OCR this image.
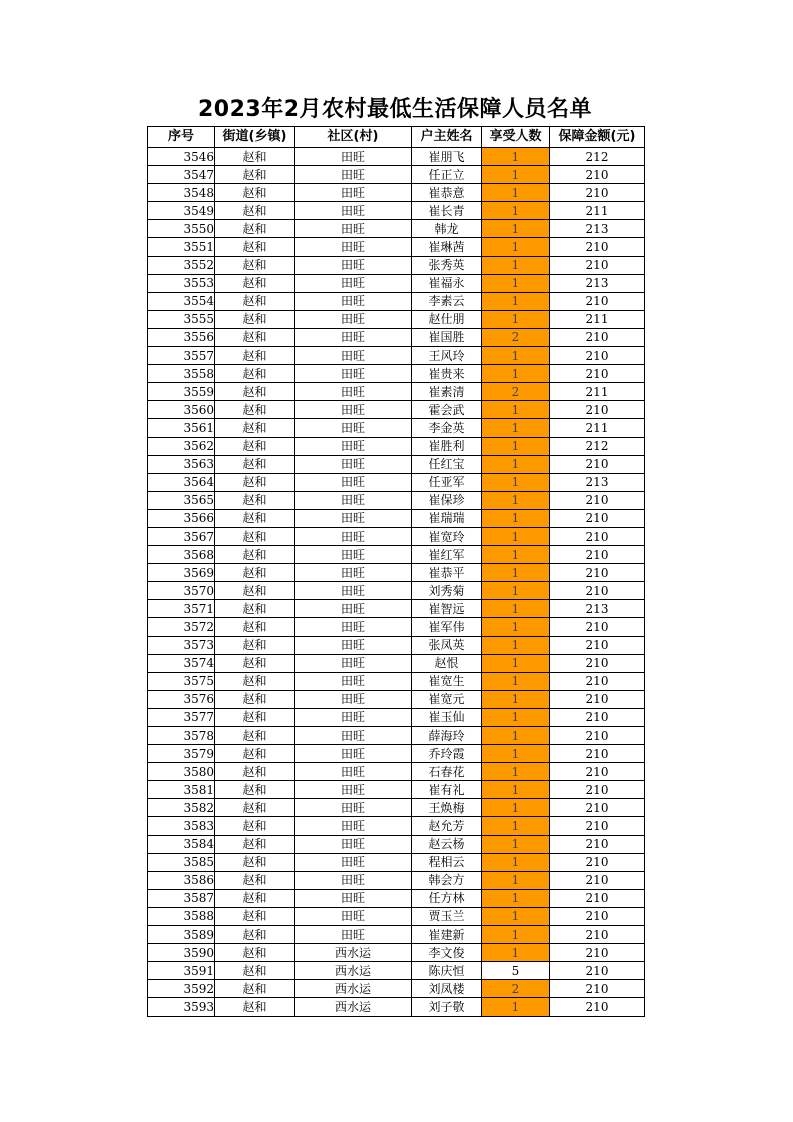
2023年2月农村最低生活保障人员名单
序号	街道(乡镇)	社区(村)	户主姓名	享受人数	保障金额(元)
3546	赵和	田旺	崔朋飞	1	212
3547	赵和	田旺	任正立	1	210
3548	赵和	田旺	崔恭意	1	210
3549	赵和	田旺	崔长青	1	211
3550	赵和	田旺	韩龙	1	213
3551	赵和	田旺	崔琳茜	1	210
3552	赵和	田旺	张秀英	1	210
3553	赵和	田旺	崔福永	1	213
3554	赵和	田旺	李素云	1	210
3555	赵和	田旺	赵仕朋	1	211
3556	赵和	田旺	崔国胜	2	210
3557	赵和	田旺	王风玲	1	210
3558	赵和	田旺	崔贵来	1	210
3559	赵和	田旺	崔素清	2	211
3560	赵和	田旺	霍会武	1	210
3561	赵和	田旺	李金英	1	211
3562	赵和	田旺	崔胜利	1	212
3563	赵和	田旺	任红宝	1	210
3564	赵和	田旺	任亚军	1	213
3565	赵和	田旺	崔保珍	1	210
3566	赵和	田旺	崔瑞瑞	1	210
3567	赵和	田旺	崔宽玲	1	210
3568	赵和	田旺	崔红军	1	210
3569	赵和	田旺	崔恭平	1	210
3570	赵和	田旺	刘秀菊	1	210
3571	赵和	田旺	崔智远	1	213
3572	赵和	田旺	崔军伟	1	210
3573	赵和	田旺	张凤英	1	210
3574	赵和	田旺	赵恨	1	210
3575	赵和	田旺	崔宽生	1	210
3576	赵和	田旺	崔宽元	1	210
3577	赵和	田旺	崔玉仙	1	210
3578	赵和	田旺	薛海玲	1	210
3579	赵和	田旺	乔玲霞	1	210
3580	赵和	田旺	石春花	1	210
3581	赵和	田旺	崔有礼	1	210
3582	赵和	田旺	王焕梅	1	210
3583	赵和	田旺	赵允芳	1	210
3584	赵和	田旺	赵云杨	1	210
3585	赵和	田旺	程相云	1	210
3586	赵和	田旺	韩会方	1	210
3587	赵和	田旺	任方林	1	210
3588	赵和	田旺	贾玉兰	1	210
3589	赵和	田旺	崔建新	1	210
3590	赵和	西水运	李文俊	1	210
3591	赵和	西水运	陈庆恒	5	210
3592	赵和	西水运	刘凤楼	2	210
3593	赵和	西水运	刘子敬	1	210
